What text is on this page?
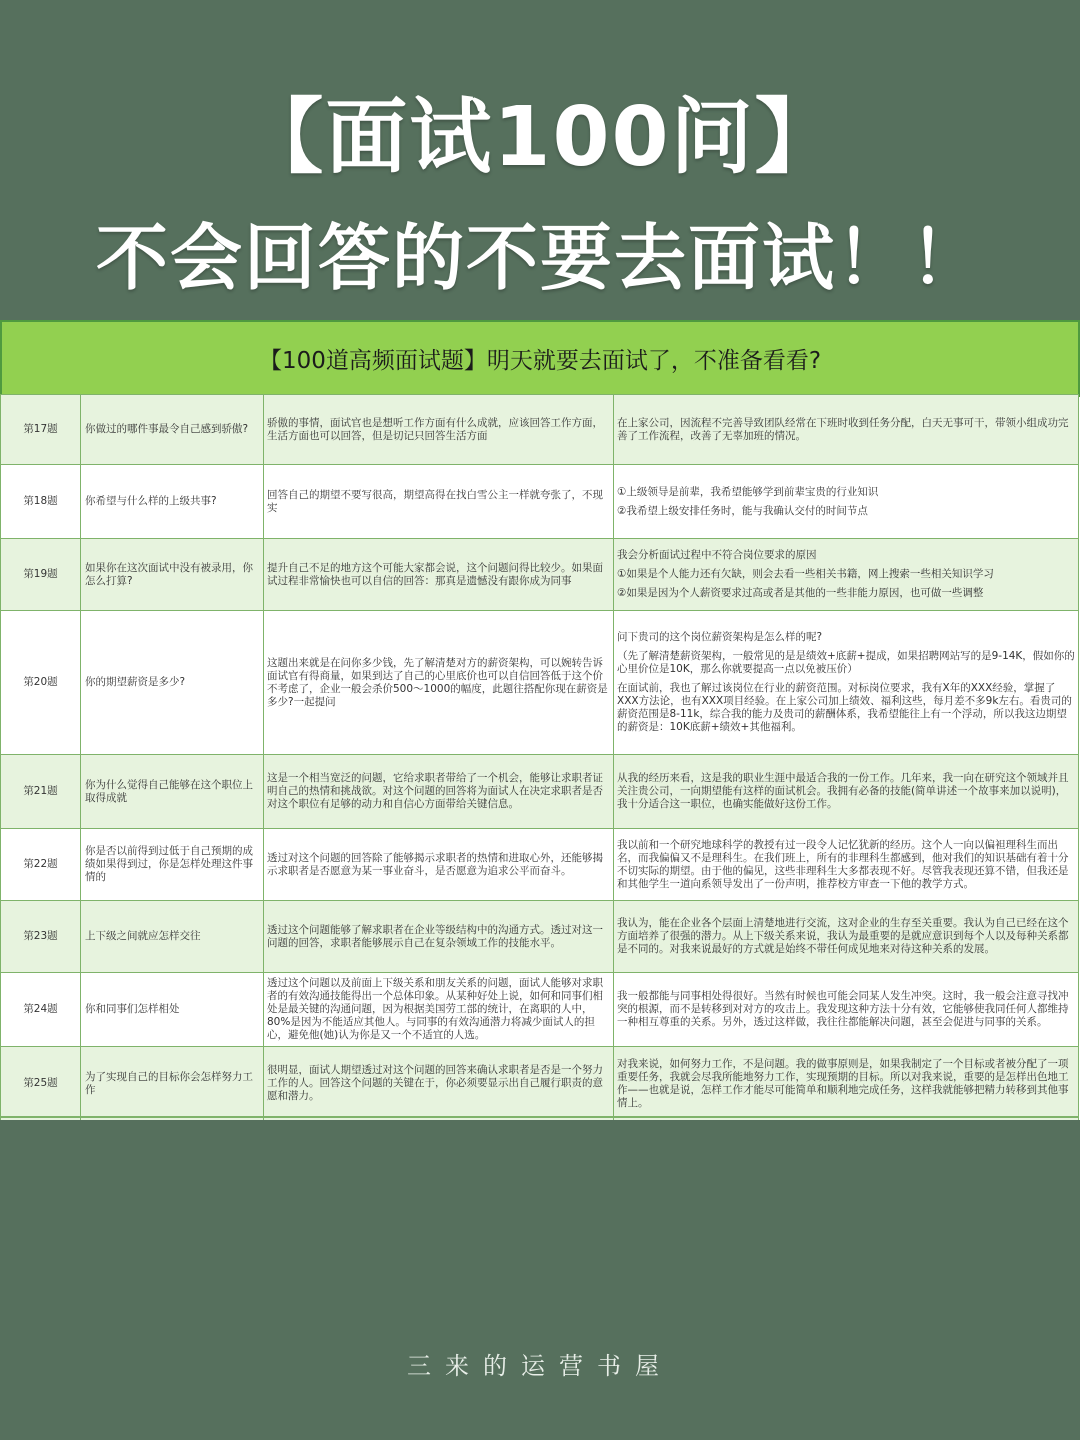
【面试100问】
不会回答的不要去面试！！
【100道高频面试题】明天就要去面试了，不准备看看?
第17题	你做过的哪件事最令自己感到骄傲?	骄傲的事情，面试官也是想听工作方面有什么成就，应该回答工作方面，生活方面也可以回答，但是切记只回答生活方面	在上家公司，因流程不完善导致团队经常在下班时收到任务分配，白天无事可干，带领小组成功完善了工作流程，改善了无辜加班的情况。

第18题	你希望与什么样的上级共事?	回答自己的期望不要写很高，期望高得在找白雪公主一样就夸张了，不现实	①上级领导是前辈，我希望能够学到前辈宝贵的行业知识

②我希望上级安排任务时，能与我确认交付的时间节点

第19题	如果你在这次面试中没有被录用，你怎么打算?	提升自己不足的地方这个可能大家都会说，这个问题问得比较少。如果面试过程非常愉快也可以自信的回答：那真是遗憾没有跟你成为同事	我会分析面试过程中不符合岗位要求的原因

①如果是个人能力还有欠缺，则会去看一些相关书籍，网上搜索一些相关知识学习

②如果是因为个人薪资要求过高或者是其他的一些非能力原因，也可做一些调整

第20题	你的期望薪资是多少?	这题出来就是在问你多少钱，先了解清楚对方的薪资架构，可以婉转告诉面试官有得商量，如果到达了自己的心里底价也可以自信回答低于这个价不考虑了，企业一般会杀价500～1000的幅度，此题往搭配你现在薪资是多少?一起提问	问下贵司的这个岗位薪资架构是怎么样的呢?

（先了解清楚薪资架构，一般常见的是是绩效+底薪+提成，如果招聘网站写的是9-14K，假如你的心里价位是10K，那么你就要提高一点以免被压价）

在面试前，我也了解过该岗位在行业的薪资范围。对标岗位要求，我有X年的XXX经验，掌握了XXX方法论，也有XXX项目经验。在上家公司加上绩效、福利这些，每月差不多9k左右。看贵司的薪资范围是8-11k，综合我的能力及贵司的薪酬体系，我希望能往上有一个浮动，所以我这边期望的薪资是：10K底薪+绩效+其他福利。

第21题	你为什么觉得自己能够在这个职位上取得成就	这是一个相当宽泛的问题，它给求职者带给了一个机会，能够让求职者证明自己的热情和挑战欲。对这个问题的回答将为面试人在决定求职者是否对这个职位有足够的动力和自信心方面带给关键信息。	从我的经历来看，这是我的职业生涯中最适合我的一份工作。几年来，我一向在研究这个领域并且关注贵公司，一向期望能有这样的面试机会。我拥有必备的技能(简单讲述一个故事来加以说明)，我十分适合这一职位，也确实能做好这份工作。

第22题	你是否以前得到过低于自己预期的成绩如果得到过，你是怎样处理这件事情的	透过对这个问题的回答除了能够揭示求职者的热情和进取心外，还能够揭示求职者是否愿意为某一事业奋斗，是否愿意为追求公平而奋斗。	我以前和一个研究地球科学的教授有过一段令人记忆犹新的经历。这个人一向以偏袒理科生而出名，而我偏偏又不是理科生。在我们班上，所有的非理科生都感到，他对我们的知识基础有着十分不切实际的期望。由于他的偏见，这些非理科生大多都表现不好。尽管我表现还算不错，但我还是和其他学生一道向系领导发出了一份声明，推荐校方审查一下他的教学方式。

第23题	上下级之间就应怎样交往	透过这个问题能够了解求职者在企业等级结构中的沟通方式。透过对这一问题的回答，求职者能够展示自己在复杂领域工作的技能水平。	我认为，能在企业各个层面上清楚地进行交流，这对企业的生存至关重要。我认为自己已经在这个方面培养了很强的潜力。从上下级关系来说，我认为最重要的是就应意识到每个人以及每种关系都是不同的。对我来说最好的方式就是始终不带任何成见地来对待这种关系的发展。

第24题	你和同事们怎样相处	透过这个问题以及前面上下级关系和朋友关系的问题，面试人能够对求职者的有效沟通技能得出一个总体印象。从某种好处上说，如何和同事们相处是最关键的沟通问题，因为根据美国劳工部的统计，在离职的人中，80%是因为不能适应其他人。与同事的有效沟通潜力将减少面试人的担心，避免他(她)认为你是又一个不适宜的人选。	我一般都能与同事相处得很好。当然有时候也可能会同某人发生冲突。这时，我一般会注意寻找冲突的根源，而不是转移到对对方的攻击上。我发现这种方法十分有效，它能够使我同任何人都维持一种相互尊重的关系。另外，透过这样做，我往往都能解决问题，甚至会促进与同事的关系。

第25题	为了实现自己的目标你会怎样努力工作	很明显，面试人期望透过对这个问题的回答来确认求职者是否是一个努力工作的人。回答这个问题的关键在于，你必须要显示出自己履行职责的意愿和潜力。	对我来说，如何努力工作，不是问题。我的做事原则是，如果我制定了一个目标或者被分配了一项重要任务，我就会尽我所能地努力工作，实现预期的目标。所以对我来说，重要的是怎样出色地工作——也就是说，怎样工作才能尽可能简单和顺利地完成任务，这样我就能够把精力转移到其他事情上。

三来的运营书屋
